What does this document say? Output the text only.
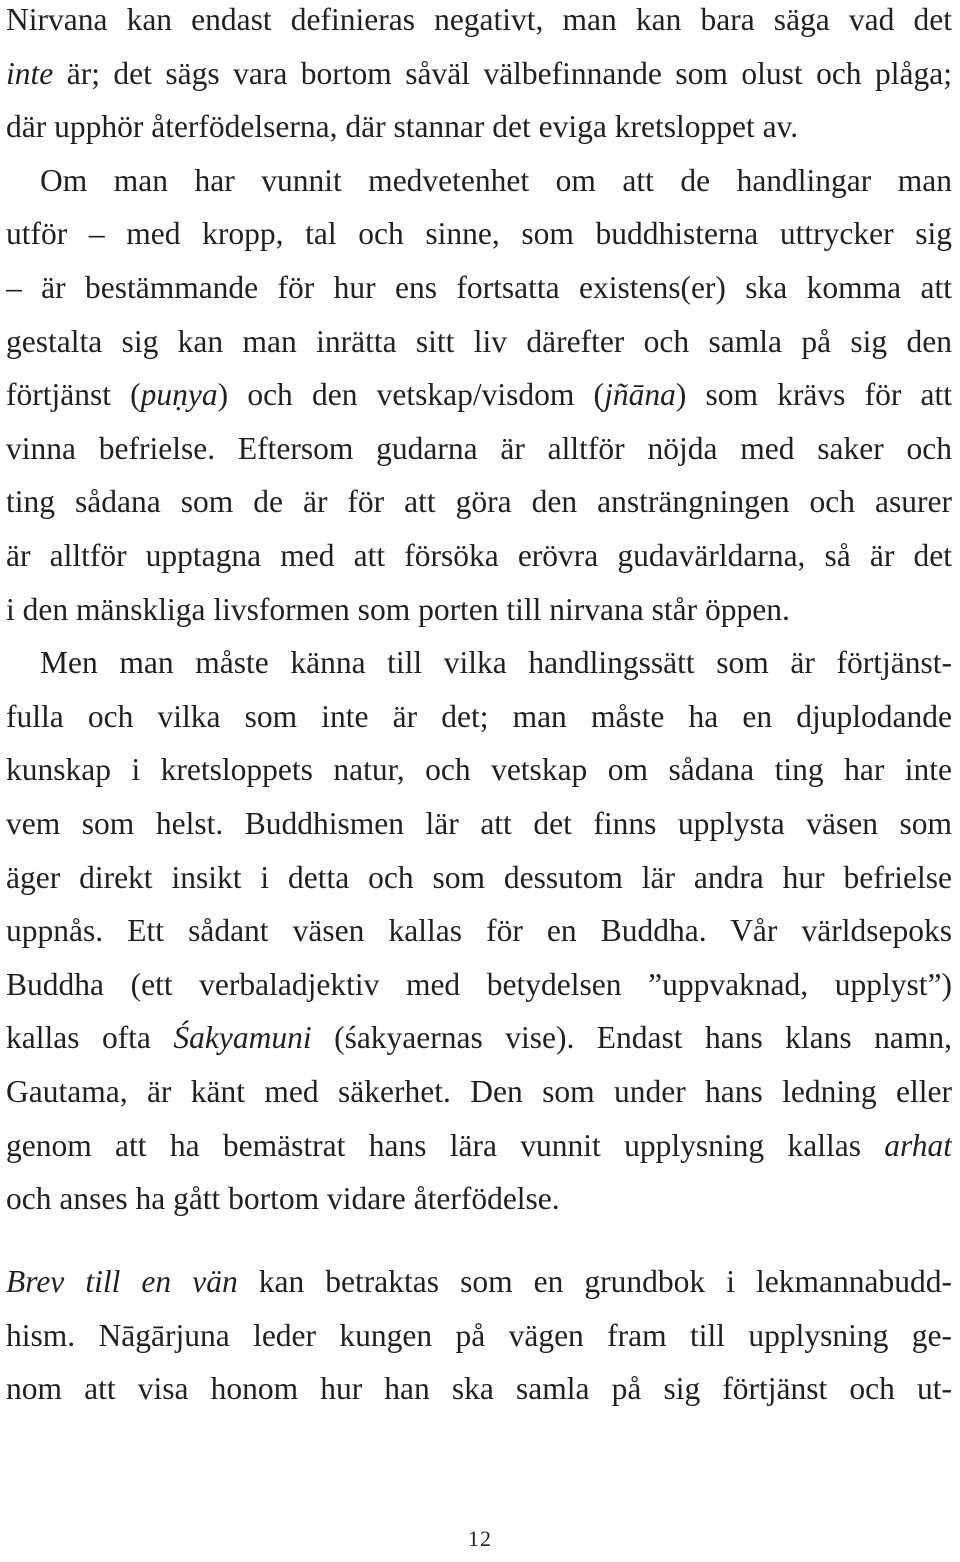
Nirvana kan endast definieras negativt, man kan bara säga vad det
inte är; det sägs vara bortom såväl välbefinnande som olust och plåga;
där upphör återfödelserna, där stannar det eviga kretsloppet av.
Om man har vunnit medvetenhet om att de handlingar man
utför – med kropp, tal och sinne, som buddhisterna uttrycker sig
– är bestämmande för hur ens fortsatta existens(er) ska komma att
gestalta sig kan man inrätta sitt liv därefter och samla på sig den
förtjänst (puṇya) och den vetskap/visdom (jñāna) som krävs för att
vinna befrielse. Eftersom gudarna är alltför nöjda med saker och
ting sådana som de är för att göra den ansträngningen och asurer
är alltför upptagna med att försöka erövra gudavärldarna, så är det
i den mänskliga livsformen som porten till nirvana står öppen.
Men man måste känna till vilka handlingssätt som är förtjänst-
fulla och vilka som inte är det; man måste ha en djuplodande
kunskap i kretsloppets natur, och vetskap om sådana ting har inte
vem som helst. Buddhismen lär att det finns upplysta väsen som
äger direkt insikt i detta och som dessutom lär andra hur befrielse
uppnås. Ett sådant väsen kallas för en Buddha. Vår världsepoks
Buddha (ett verbaladjektiv med betydelsen ”uppvaknad, upplyst”)
kallas ofta Śakyamuni (śakyaernas vise). Endast hans klans namn,
Gautama, är känt med säkerhet. Den som under hans ledning eller
genom att ha bemästrat hans lära vunnit upplysning kallas arhat
och anses ha gått bortom vidare återfödelse.
Brev till en vän kan betraktas som en grundbok i lekmannabudd-
hism. Nāgārjuna leder kungen på vägen fram till upplysning ge-
nom att visa honom hur han ska samla på sig förtjänst och ut-
12
